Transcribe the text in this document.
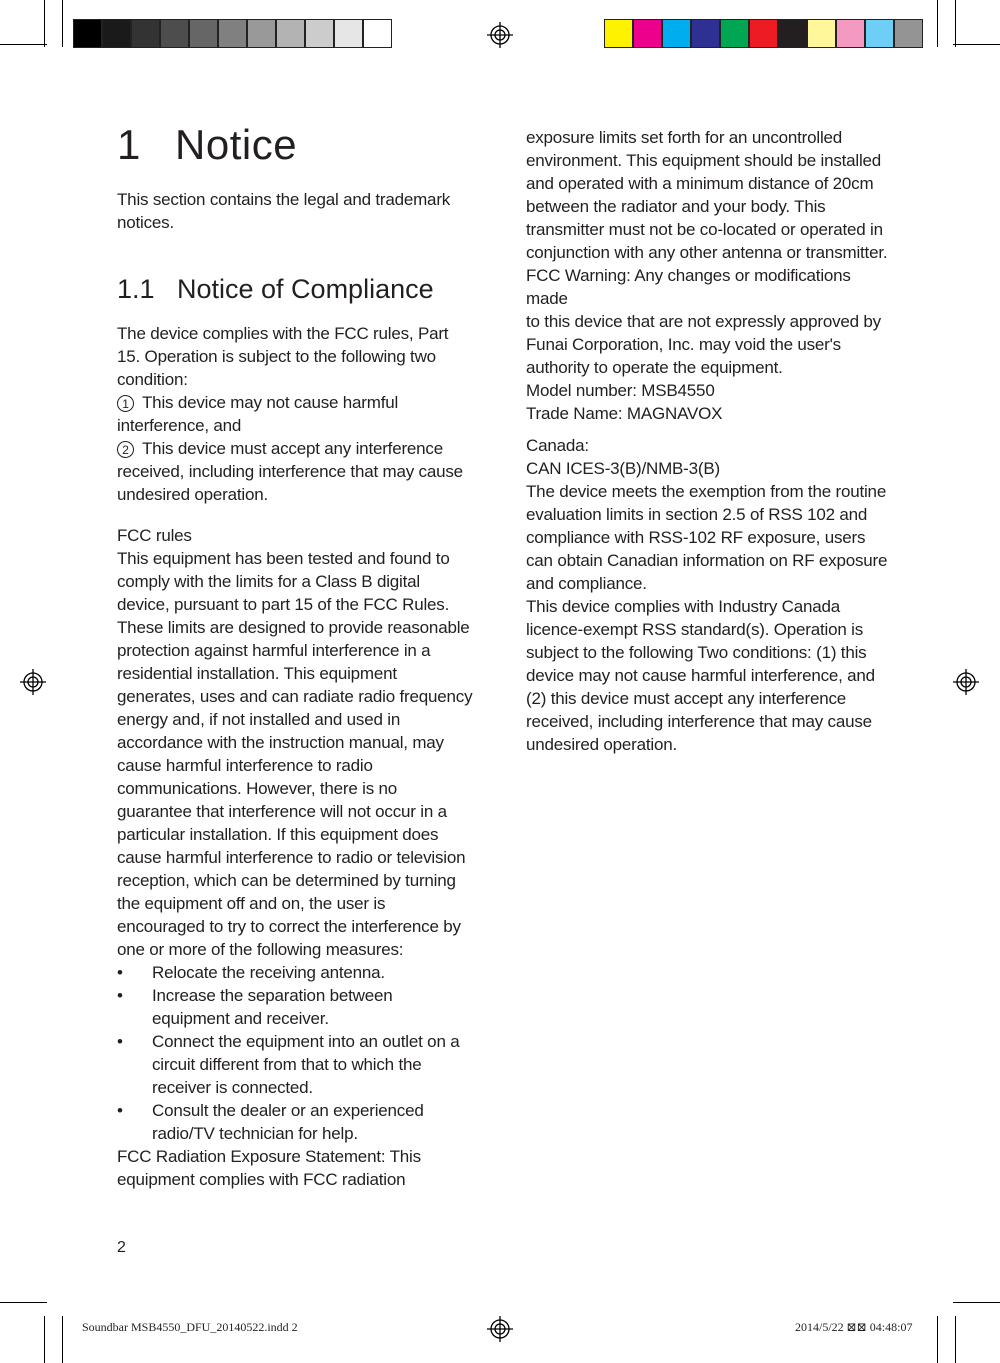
1 Notice

This section contains the legal and trademark notices.

1.1 Notice of Compliance

The device complies with the FCC rules, Part 15. Operation is subject to the following two condition:

1 This device may not cause harmful interference, and

2 This device must accept any interference received, including interference that may cause undesired operation.

FCC rules

This equipment has been tested and found to comply with the limits for a Class B digital device, pursuant to part 15 of the FCC Rules. These limits are designed to provide reasonable protection against harmful interference in a residential installation. This equipment generates, uses and can radiate radio frequency energy and, if not installed and used in accordance with the instruction manual, may cause harmful interference to radio communications. However, there is no guarantee that interference will not occur in a particular installation. If this equipment does cause harmful interference to radio or television reception, which can be determined by turning the equipment off and on, the user is encouraged to try to correct the interference by one or more of the following measures:

• Relocate the receiving antenna.
• Increase the separation between equipment and receiver.
• Connect the equipment into an outlet on a circuit different from that to which the receiver is connected.
• Consult the dealer or an experienced radio/TV technician for help.

FCC Radiation Exposure Statement: This equipment complies with FCC radiation

exposure limits set forth for an uncontrolled environment. This equipment should be installed and operated with a minimum distance of 20cm between the radiator and your body. This transmitter must not be co-located or operated in conjunction with any other antenna or transmitter.

FCC Warning: Any changes or modifications made

to this device that are not expressly approved by Funai Corporation, Inc. may void the user's authority to operate the equipment.

Model number: MSB4550

Trade Name: MAGNAVOX

Canada:

CAN ICES-3(B)/NMB-3(B)

The device meets the exemption from the routine evaluation limits in section 2.5 of RSS 102 and compliance with RSS-102 RF exposure, users can obtain Canadian information on RF exposure and compliance.

This device complies with Industry Canada licence-exempt RSS standard(s). Operation is subject to the following Two conditions: (1) this device may not cause harmful interference, and (2) this device must accept any interference received, including interference that may cause undesired operation.

2
Soundbar MSB4550_DFU_20140522.indd 2	2014/5/22 ⊠⊠ 04:48:07
